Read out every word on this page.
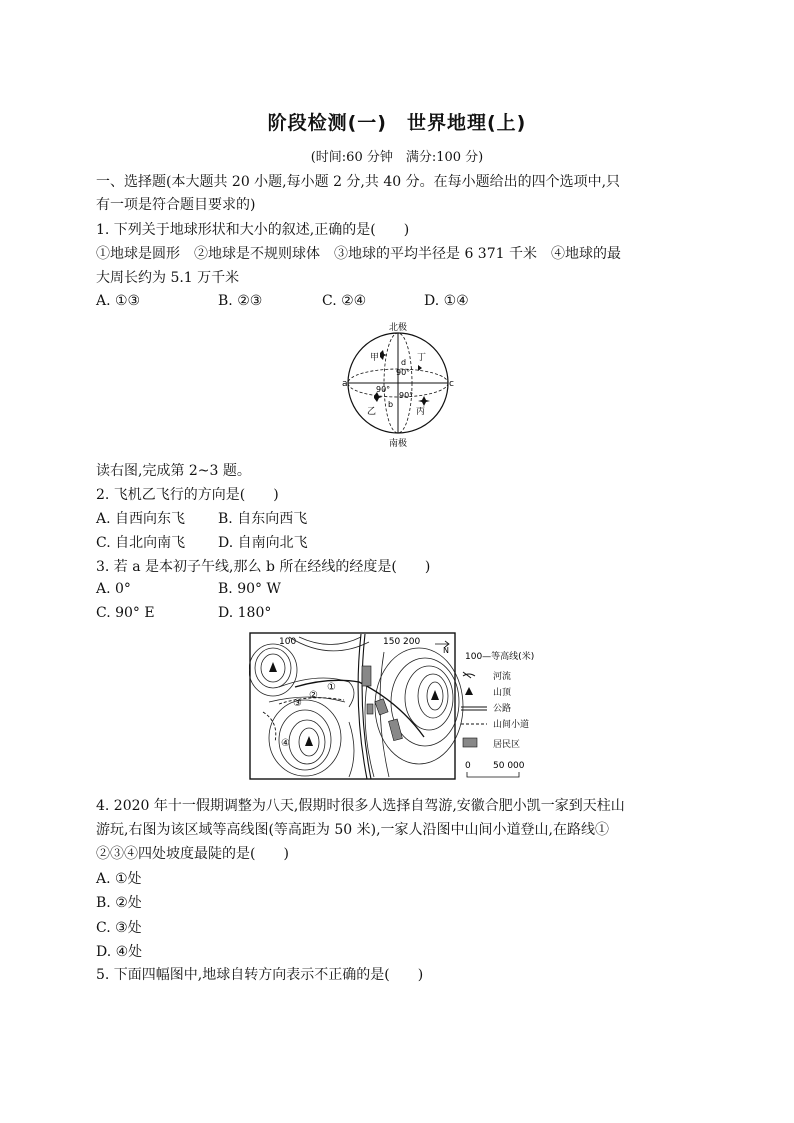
阶段检测(一)　世界地理(上)
(时间:60 分钟　满分:100 分)
一、选择题(本大题共 20 小题,每小题 2 分,共 40 分。在每小题给出的四个选项中,只
有一项是符合题目要求的)
1. 下列关于地球形状和大小的叙述,正确的是(　　)
①地球是圆形　②地球是不规则球体　③地球的平均半径是 6 371 千米　④地球的最
大周长约为 5.1 万千米
A. ①③	B. ②③	C. ②④	D. ①④
北极
a	c
甲	丁
乙	丙
d
b
90°
90°
90°
南极
读右图,完成第 2~3 题。
2. 飞机乙飞行的方向是(　　)
A. 自西向东飞 B. 自东向西飞
C. 自北向南飞 D. 自南向北飞
3. 若 a 是本初子午线,那么 b 所在经线的经度是(　　)
A. 0°	B. 90° W
C. 90° E	D. 180°
100	150 200
N
①
②
③
④
100—等高线(米)
河流
山顶
公路
山间小道
居民区
0 50 000
4. 2020 年十一假期调整为八天,假期时很多人选择自驾游,安徽合肥小凯一家到天柱山
游玩,右图为该区域等高线图(等高距为 50 米),一家人沿图中山间小道登山,在路线①
②③④四处坡度最陡的是(　　)
A. ①处
B. ②处
C. ③处
D. ④处
5. 下面四幅图中,地球自转方向表示不正确的是(　　)
